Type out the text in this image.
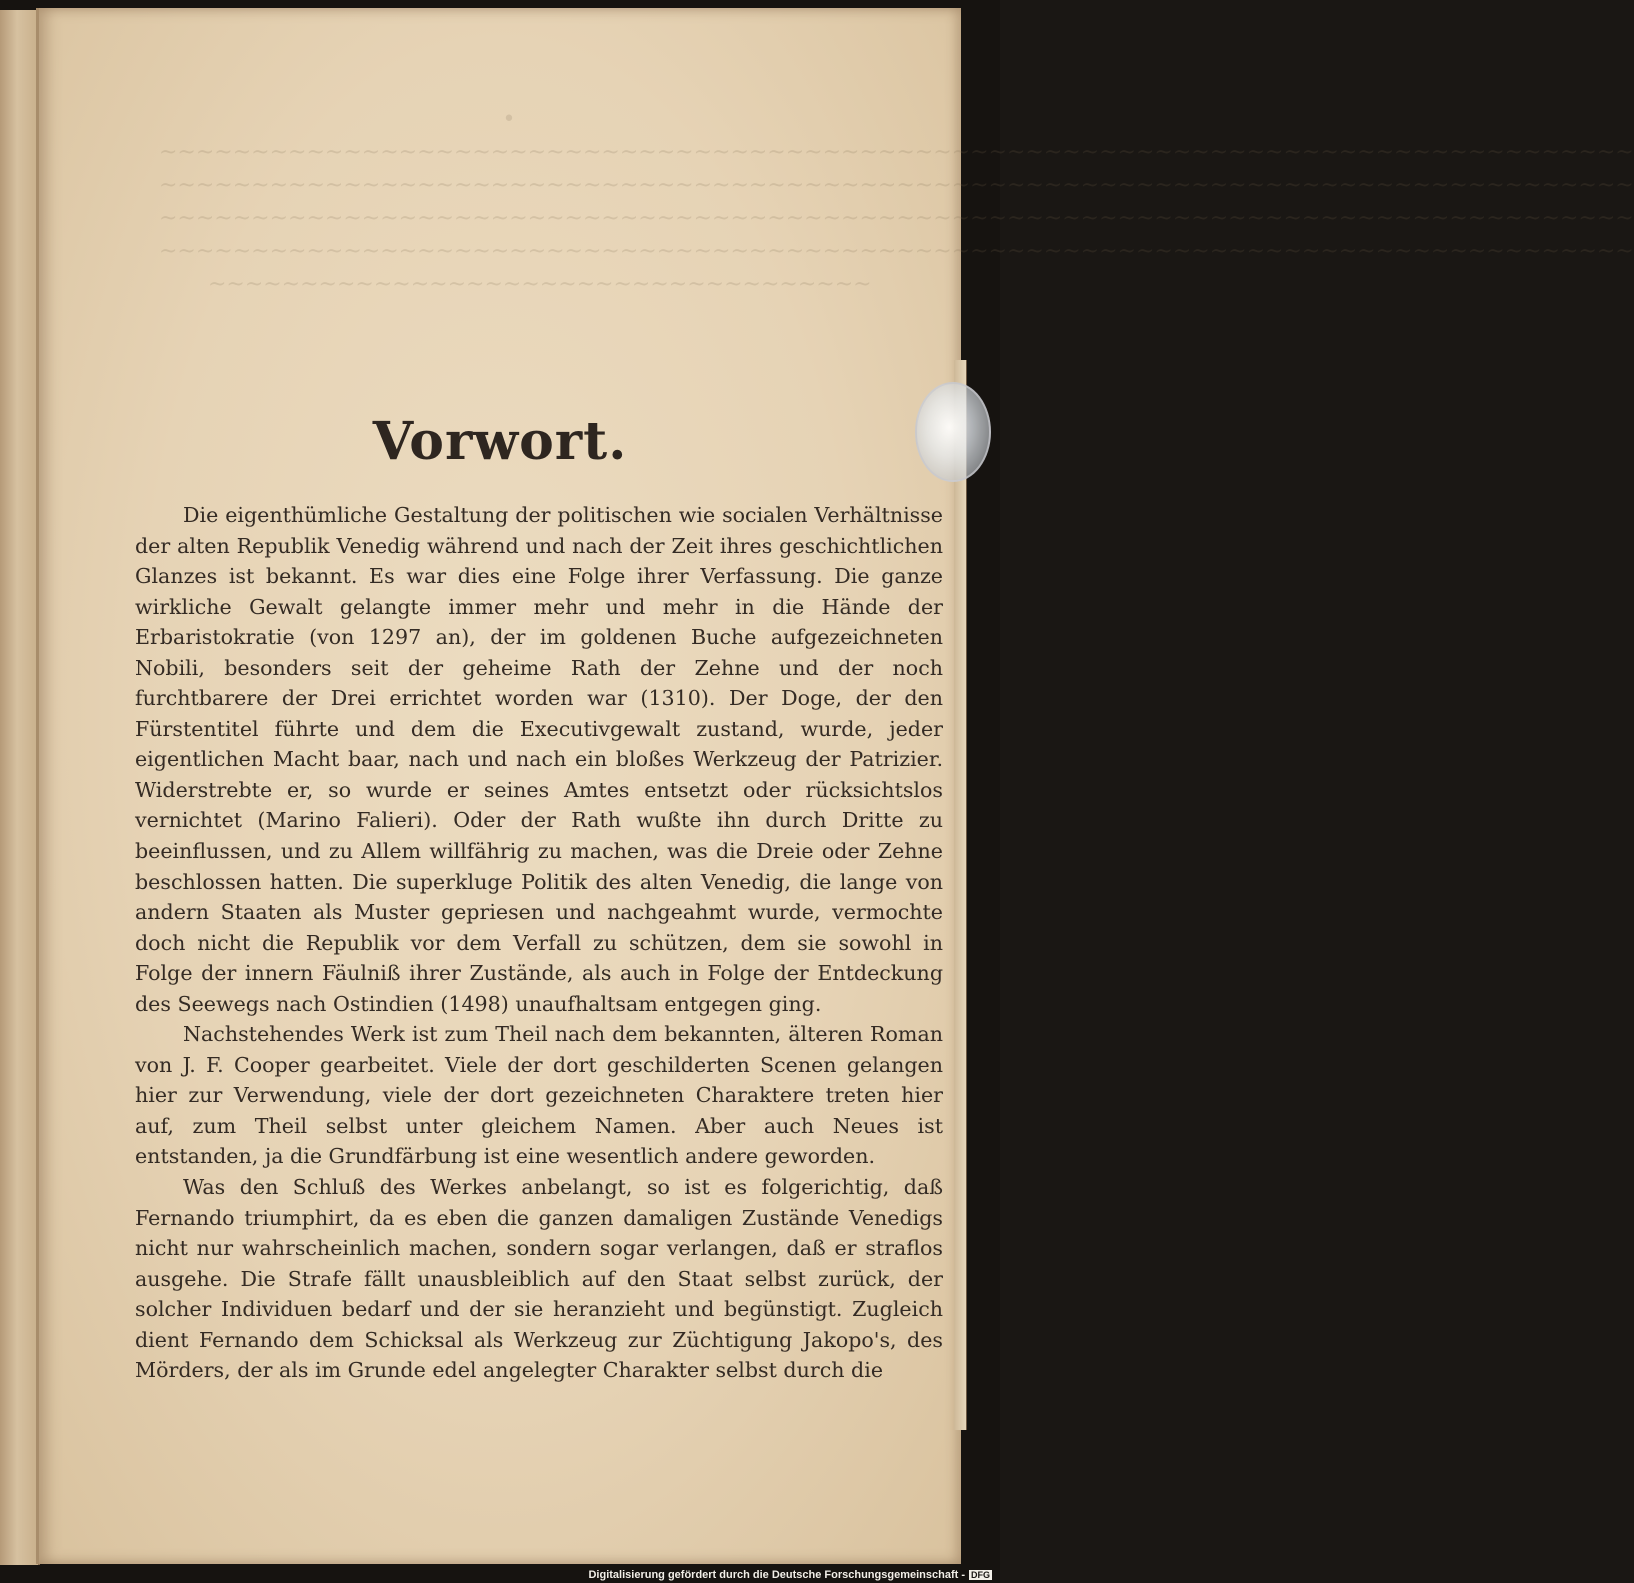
•
~~~~~~~~~~~~~~~~~~~~~~~~~~~~~~~~~~~~~~~~~~~~~~~~~~~~~~~~~~~~~~~~~~~~~~~~~~~~~~~~
~~~~~~~~~~~~~~~~~~~~~~~~~~~~~~~~~~~~~~~~~~~~~~~~~~~~~~~~~~~~~~~~~~~~~~~~~~~~~~~~
~~~~~~~~~~~~~~~~~~~~~~~~~~~~~~~~~~~~~~~~~~~~~~~~~~~~~~~~~~~~~~~~~~~~~~~~~~~~~~~~
~~~~~~~~~~~~~~~~~~~~~~~~~~~~~~~~~~~~~~~~~~~~~~~~~~~~~~~~~~~~~~~~~~~~~~~~~~~~~~~~
~~~~~~~~~~~~~~~~~~~~~~~~~~~~~~~~~~~~
Vorwort.

Die eigenthümliche Gestaltung der politischen wie socialen Verhältnisse der alten Republik Venedig während und nach der Zeit ihres geschichtlichen Glanzes ist bekannt. Es war dies eine Folge ihrer Verfassung. Die ganze wirkliche Gewalt gelangte immer mehr und mehr in die Hände der Erbaristokratie (von 1297 an), der im goldenen Buche aufgezeichneten Nobili, besonders seit der geheime Rath der Zehne und der noch furchtbarere der Drei errichtet worden war (1310). Der Doge, der den Fürstentitel führte und dem die Executivgewalt zustand, wurde, jeder eigentlichen Macht baar, nach und nach ein bloßes Werkzeug der Patrizier. Widerstrebte er, so wurde er seines Amtes entsetzt oder rücksichtslos vernichtet (Marino Falieri). Oder der Rath wußte ihn durch Dritte zu beeinflussen, und zu Allem willfährig zu machen, was die Dreie oder Zehne beschlossen hatten. Die superkluge Politik des alten Venedig, die lange von andern Staaten als Muster gepriesen und nachgeahmt wurde, vermochte doch nicht die Republik vor dem Verfall zu schützen, dem sie sowohl in Folge der innern Fäulniß ihrer Zustände, als auch in Folge der Entdeckung des Seewegs nach Ostindien (1498) unaufhaltsam entgegen ging.

Nachstehendes Werk ist zum Theil nach dem bekannten, älteren Roman von J. F. Cooper gearbeitet. Viele der dort geschilderten Scenen gelangen hier zur Verwendung, viele der dort gezeichneten Charaktere treten hier auf, zum Theil selbst unter gleichem Namen. Aber auch Neues ist entstanden, ja die Grundfärbung ist eine wesentlich andere geworden.

Was den Schluß des Werkes anbelangt, so ist es folgerichtig, daß Fernando triumphirt, da es eben die ganzen damaligen Zustände Venedigs nicht nur wahrscheinlich machen, sondern sogar verlangen, daß er straflos ausgehe. Die Strafe fällt unausbleiblich auf den Staat selbst zurück, der solcher Individuen bedarf und der sie heranzieht und begünstigt. Zugleich dient Fernando dem Schicksal als Werkzeug zur Züchtigung Jakopo's, des Mörders, der als im Grunde edel angelegter Charakter selbst durch die

Digitalisierung gefördert durch die Deutsche Forschungsgemeinschaft - DFG
